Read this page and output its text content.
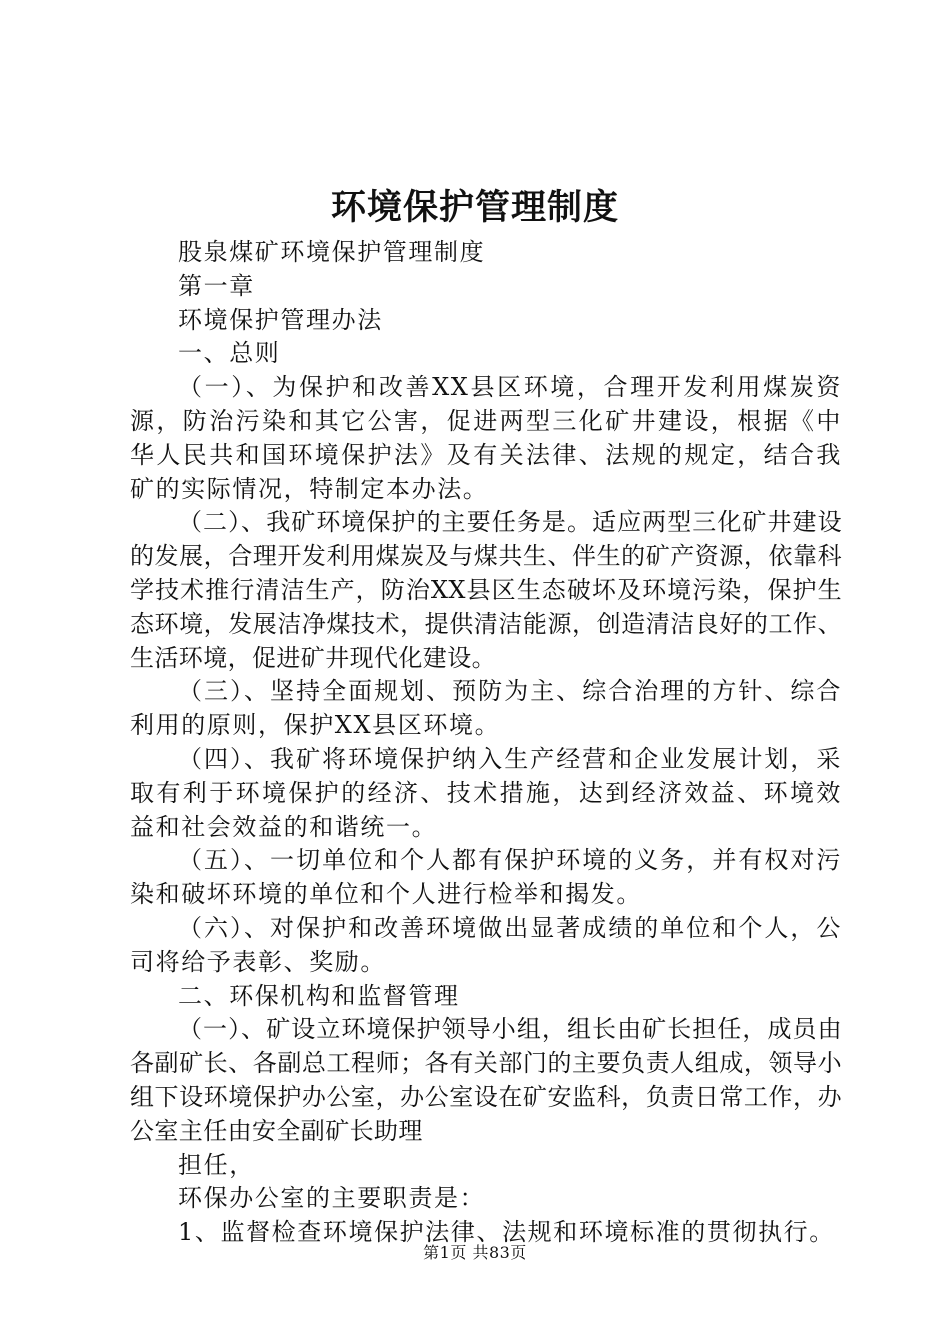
环境保护管理制度

股泉煤矿环境保护管理制度

第一章

环境保护管理办法

一、总则

（一）、为保护和改善XX县区环境，合理开发利用煤炭资源，防治污染和其它公害，促进两型三化矿井建设，根据《中华人民共和国环境保护法》及有关法律、法规的规定，结合我矿的实际情况，特制定本办法。

（二）、我矿环境保护的主要任务是。适应两型三化矿井建设的发展，合理开发利用煤炭及与煤共生、伴生的矿产资源，依靠科学技术推行清洁生产，防治XX县区生态破坏及环境污染，保护生态环境，发展洁净煤技术，提供清洁能源，创造清洁良好的工作、生活环境，促进矿井现代化建设。

（三）、坚持全面规划、预防为主、综合治理的方针、综合利用的原则，保护XX县区环境。

（四）、我矿将环境保护纳入生产经营和企业发展计划，采取有利于环境保护的经济、技术措施，达到经济效益、环境效益和社会效益的和谐统一。

（五）、一切单位和个人都有保护环境的义务，并有权对污染和破坏环境的单位和个人进行检举和揭发。

（六）、对保护和改善环境做出显著成绩的单位和个人，公司将给予表彰、奖励。

二、环保机构和监督管理

（一）、矿设立环境保护领导小组，组长由矿长担任，成员由各副矿长、各副总工程师；各有关部门的主要负责人组成，领导小组下设环境保护办公室，办公室设在矿安监科，负责日常工作，办公室主任由安全副矿长助理

担任，

环保办公室的主要职责是：

1、监督检查环境保护法律、法规和环境标准的贯彻执行。

第1页 共83页
